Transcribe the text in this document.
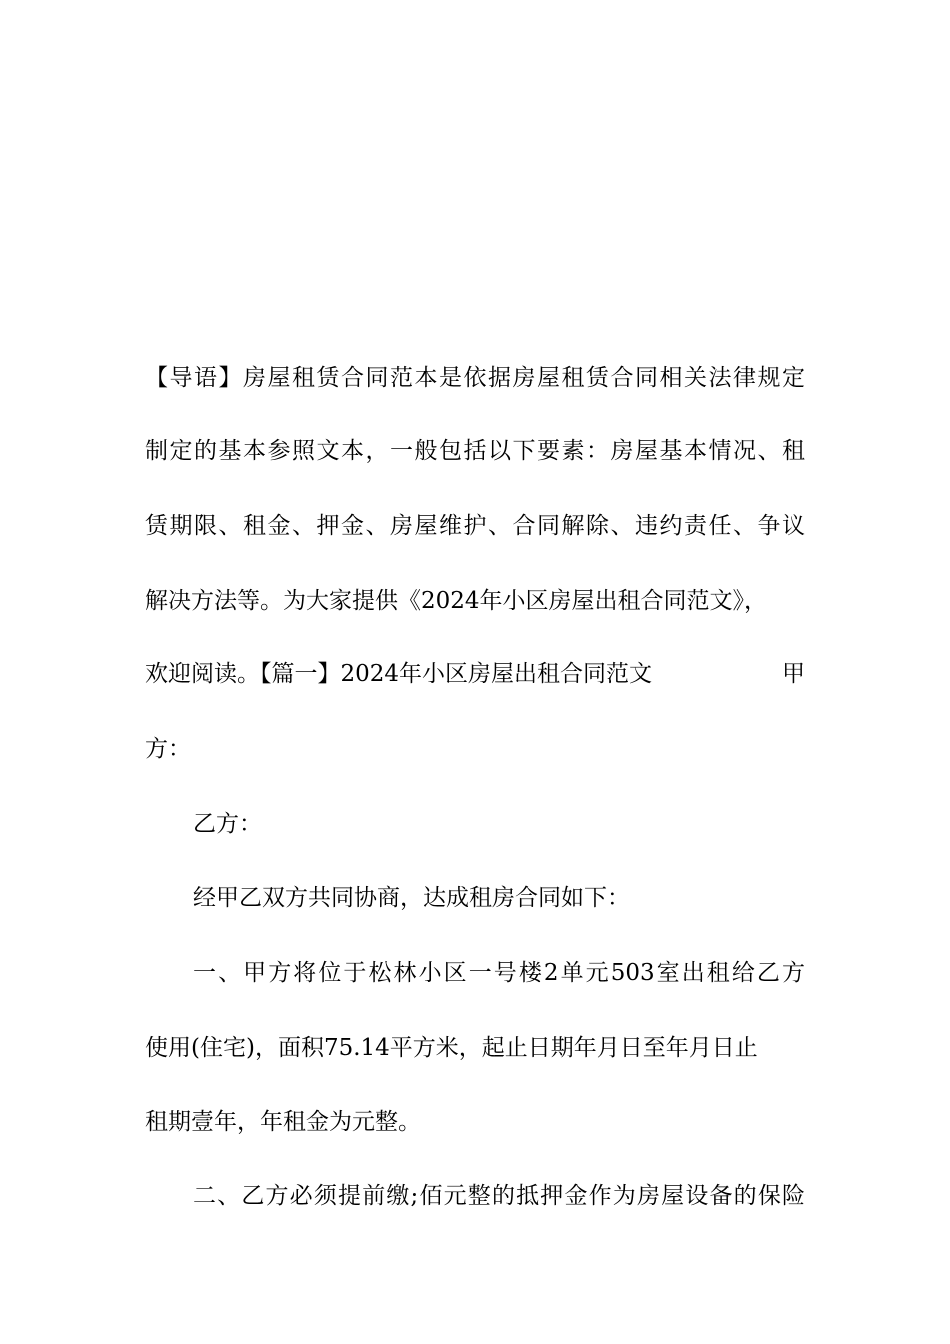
【导语】房屋租赁合同范本是依据房屋租赁合同相关法律规定
制定的基本参照文本，一般包括以下要素：房屋基本情况、租
赁期限、租金、押金、房屋维护、合同解除、违约责任、争议
解决方法等。为大家提供《2024年小区房屋出租合同范文》，
欢迎阅读。【篇一】2024年小区房屋出租合同范文	甲
方：
乙方：
经甲乙双方共同协商，达成租房合同如下：
一、甲方将位于松林小区一号楼2单元503室出租给乙方
使用(住宅)，面积75.14平方米，起止日期年月日至年月日止
租期壹年，年租金为元整。
二、乙方必须提前缴;佰元整的抵押金作为房屋设备的保险
